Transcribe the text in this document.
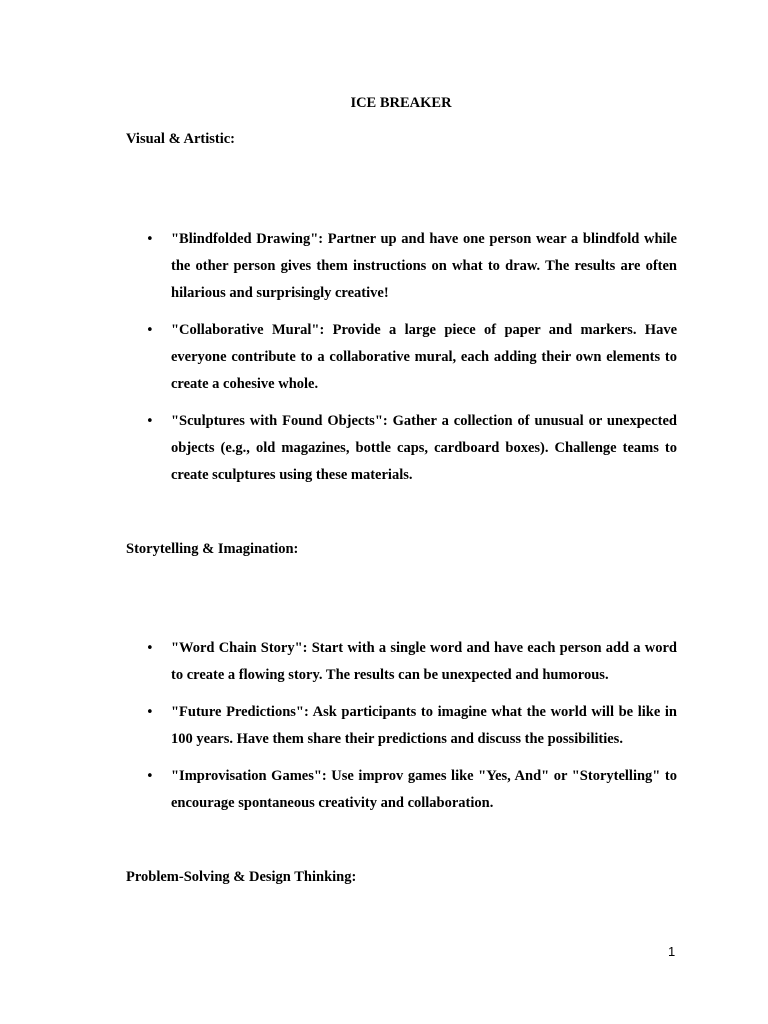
ICE BREAKER
Visual & Artistic:
• "Blindfolded Drawing": Partner up and have one person wear a blindfold while the other person gives them instructions on what to draw. The results are often hilarious and surprisingly creative!
• "Collaborative Mural": Provide a large piece of paper and markers. Have everyone contribute to a collaborative mural, each adding their own elements to create a cohesive whole.
• "Sculptures with Found Objects": Gather a collection of unusual or unexpected objects (e.g., old magazines, bottle caps, cardboard boxes). Challenge teams to create sculptures using these materials.
Storytelling & Imagination:
• "Word Chain Story": Start with a single word and have each person add a word to create a flowing story. The results can be unexpected and humorous.
• "Future Predictions": Ask participants to imagine what the world will be like in 100 years. Have them share their predictions and discuss the possibilities.
• "Improvisation Games": Use improv games like "Yes, And" or "Storytelling" to encourage spontaneous creativity and collaboration.
Problem-Solving & Design Thinking:
1
